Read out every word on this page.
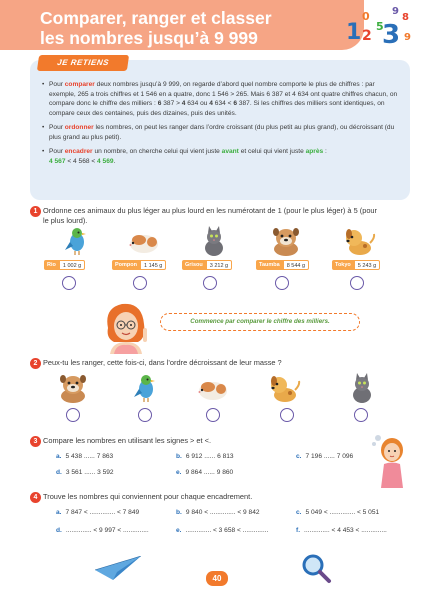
Comparer, ranger et classer
les nombres jusqu’à 9 999	1
0
2
5
3
8
9
9
JE RETIENS

• Pour comparer deux nombres jusqu’à 9 999, on regarde d’abord quel nombre comporte le plus de chiffres : par exemple, 265 a trois chiffres et 1 546 en a quatre, donc 1 546 > 265. Mais 6 387 et 4 634 ont quatre chiffres chacun, on compare donc le chiffre des milliers : 6 387 > 4 634 ou 4 634 < 6 387. Si les chiffres des milliers sont identiques, on compare ceux des centaines, puis des dizaines, puis des unités.

• Pour ordonner les nombres, on peut les ranger dans l’ordre croissant (du plus petit au plus grand), ou décroissant (du plus grand au plus petit).

• Pour encadrer un nombre, on cherche celui qui vient juste avant et celui qui vient juste après :
4 567 < 4 568 < 4 569.

1 Ordonne ces animaux du plus léger au plus lourd en les numérotant de 1 (pour le plus léger) à 5 (pour le plus lourd).

Rio	1 002 g	Pompon	1 145 g	Grisou	3 212 g	Taumba	8 544 g	Tokyo	5 243 g
Commence par comparer le chiffre des milliers.
2 Peux-tu les ranger, cette fois-ci, dans l’ordre décroissant de leur masse ?

3 Compare les nombres en utilisant les signes > et <.

a. 5 438 ...... 7 863	b. 6 912 ...... 6 813	c. 7 196 ...... 7 096
d. 3 561 ...... 3 592	e. 9 864 ...... 9 860
4 Trouve les nombres qui conviennent pour chaque encadrement.

a. 7 847 < .............. < 7 849	b. 9 840 < .............. < 9 842	c. 5 049 < .............. < 5 051
d. .............. < 9 997 < ..............	e. .............. < 3 658 < ..............	f. .............. < 4 453 < ..............
40
